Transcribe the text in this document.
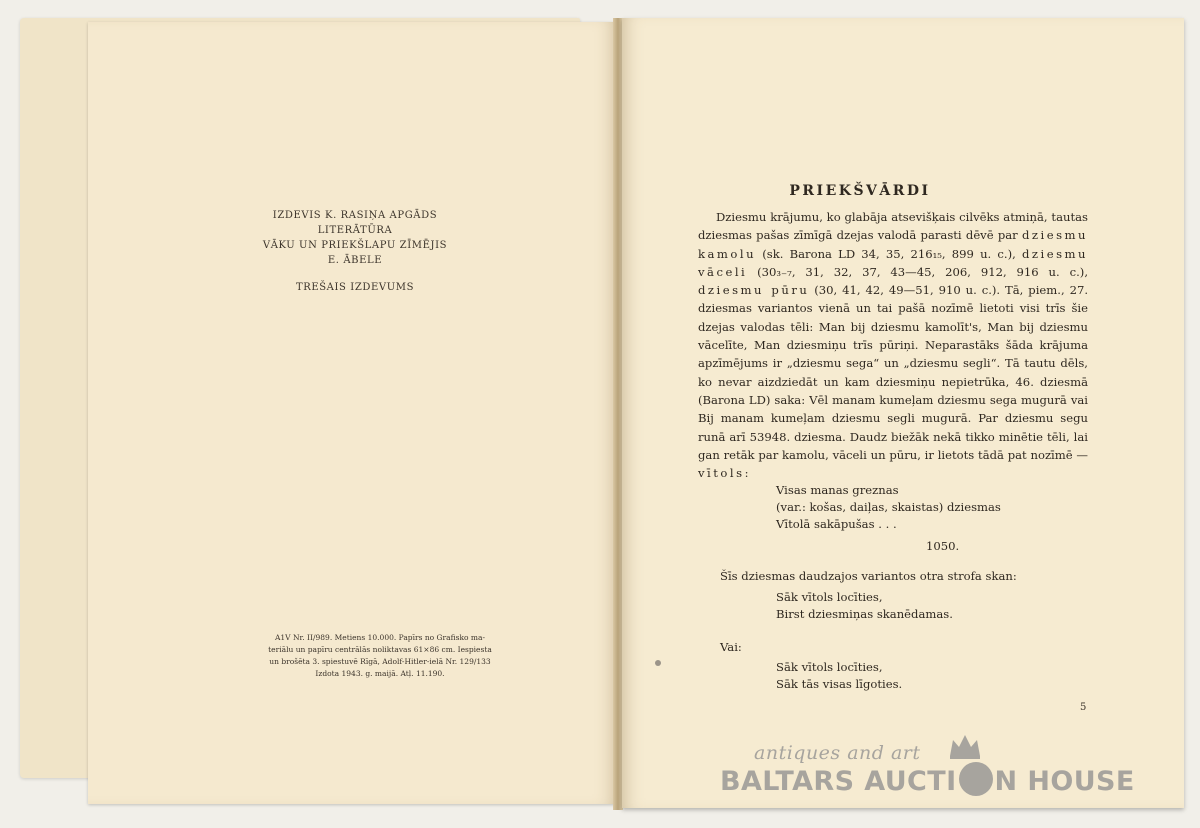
IZDEVIS K. RASIŅA APGĀDS
LITERĀTŪRA
VĀKU UN PRIEKŠLAPU ZĪMĒJIS
E. ĀBELE
TREŠAIS IZDEVUMS
A1V Nr. II/989. Metiens 10.000. Papīrs no Grafisko ma-
teriālu un papīru centrālās noliktavas 61×86 cm. Iespiesta
un brošēta 3. spiestuvē Rīgā, Adolf-Hitler-ielā Nr. 129/133
Izdota 1943. g. maijā. Atļ. 11.190.
PRIEKŠVĀRDI

Dziesmu krājumu, ko glabāja atsevišķais cilvēks atmiņā, tautas dziesmas pašas zīmīgā dzejas valodā parasti dēvē par dziesmu kamolu (sk. Barona LD 34, 35, 216₁₅, 899 u. c.), dziesmu vāceli (30₃₋₇, 31, 32, 37, 43—45, 206, 912, 916 u. c.), dziesmu pūru (30, 41, 42, 49—51, 910 u. c.). Tā, piem., 27. dziesmas variantos vienā un tai pašā nozīmē lietoti visi trīs šie dzejas valodas tēli: Man bij dziesmu kamolīt's, Man bij dziesmu vācelīte, Man dziesmiņu trīs pūriņi. Neparastāks šāda krājuma apzīmējums ir „dziesmu sega“ un „dziesmu segli“. Tā tautu dēls, ko nevar aizdziedāt un kam dziesmiņu nepietrūka, 46. dziesmā (Barona LD) saka: Vēl manam kumeļam dziesmu sega mugurā vai Bij manam kumeļam dziesmu segli mugurā. Par dziesmu segu runā arī 53948. dziesma. Daudz biežāk nekā tikko minētie tēli, lai gan retāk par kamolu, vāceli un pūru, ir lietots tādā pat nozīmē — vītols:

Visas manas greznas
(var.: košas, daiļas, skaistas) dziesmas
Vītolā sakāpušas . . .
1050.
Šīs dziesmas daudzajos variantos otra strofa skan:
Sāk vītols locīties,
Birst dziesmiņas skanēdamas.
Vai:
Sāk vītols locīties,
Sāk tās visas līgoties.
5
antiques and art
BALTARS AUCTI N HOUSE
